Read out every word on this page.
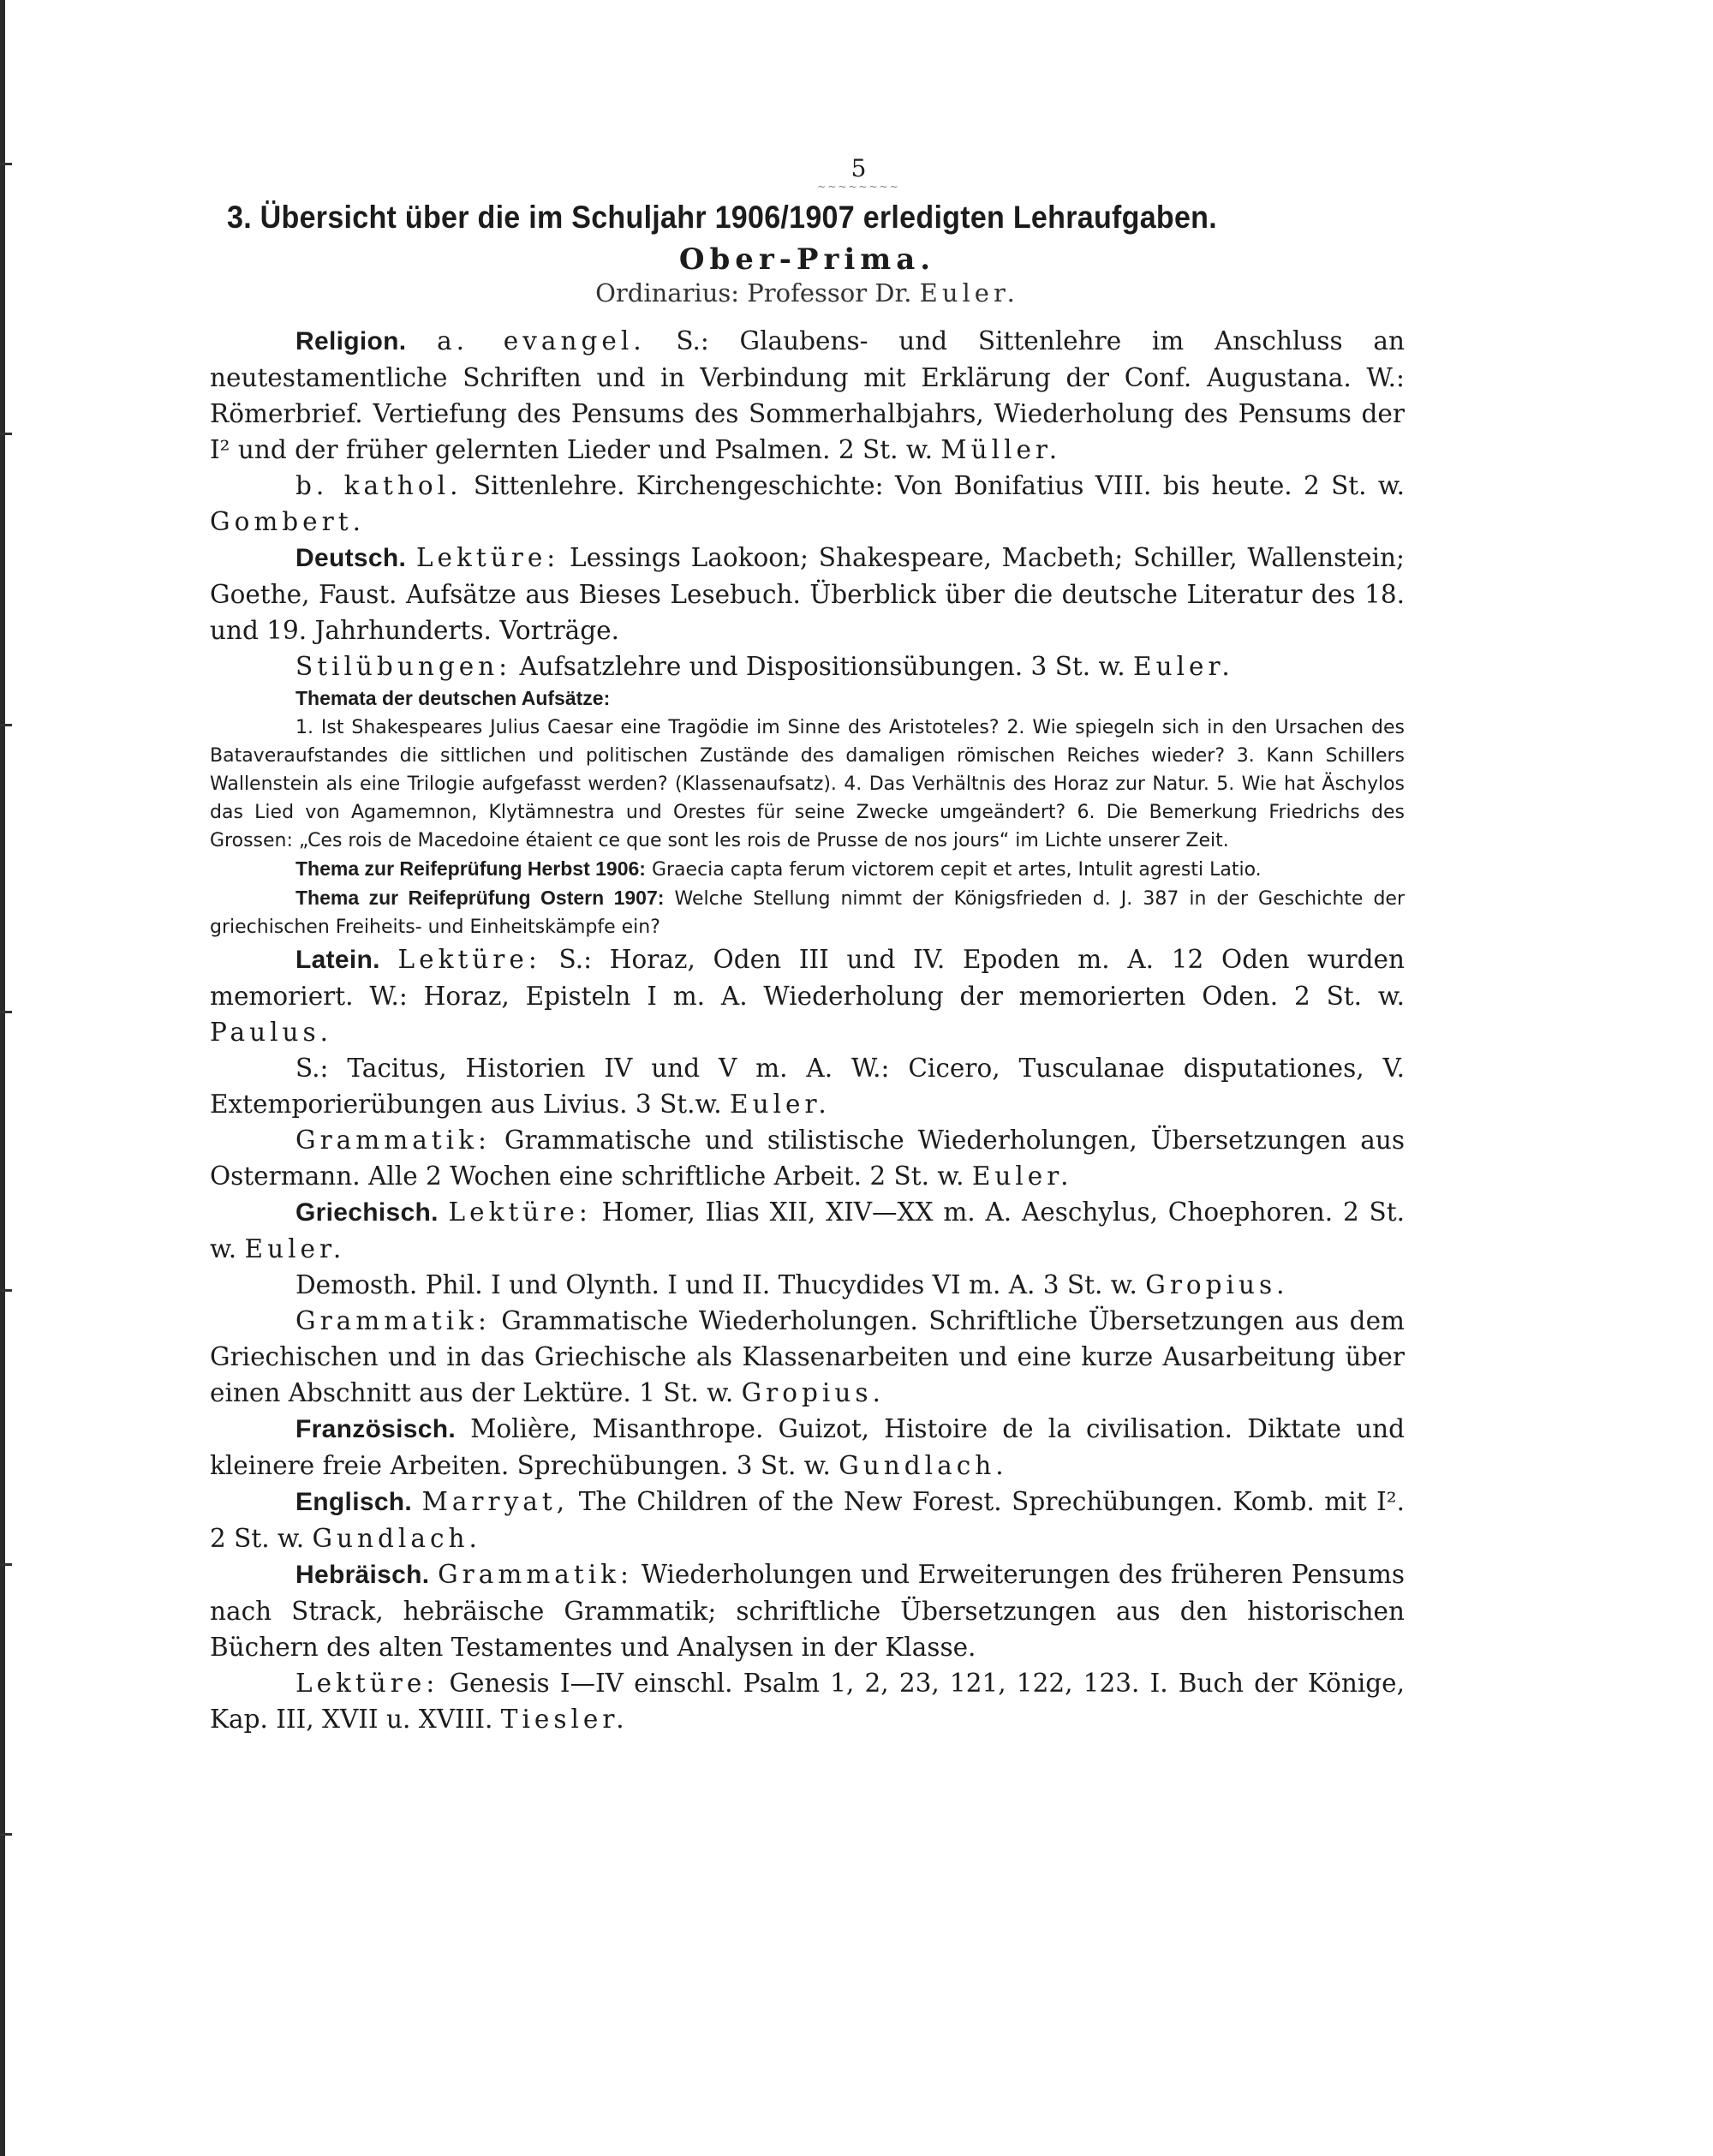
5
~~~~~~~~
3. Übersicht über die im Schuljahr 1906/1907 erledigten Lehraufgaben.
Ober-Prima.
Ordinarius: Professor Dr. Euler.

Religion. a. evangel. S.: Glaubens- und Sittenlehre im Anschluss an neutestamentliche Schriften und in Verbindung mit Erklärung der Conf. Augustana. W.: Römerbrief. Vertiefung des Pensums des Sommerhalbjahrs, Wiederholung des Pensums der I² und der früher gelernten Lieder und Psalmen. 2 St. w. Müller.

b. kathol. Sittenlehre. Kirchengeschichte: Von Bonifatius VIII. bis heute. 2 St. w. Gombert.

Deutsch. Lektüre: Lessings Laokoon; Shakespeare, Macbeth; Schiller, Wallenstein; Goethe, Faust. Aufsätze aus Bieses Lesebuch. Überblick über die deutsche Literatur des 18. und 19. Jahrhunderts. Vorträge.

Stilübungen: Aufsatzlehre und Dispositionsübungen. 3 St. w. Euler.

Themata der deutschen Aufsätze:

1. Ist Shakespeares Julius Caesar eine Tragödie im Sinne des Aristoteles? 2. Wie spiegeln sich in den Ursachen des Bataveraufstandes die sittlichen und politischen Zustände des damaligen römischen Reiches wieder? 3. Kann Schillers Wallenstein als eine Trilogie aufgefasst werden? (Klassenaufsatz). 4. Das Verhältnis des Horaz zur Natur. 5. Wie hat Äschylos das Lied von Agamemnon, Klytämnestra und Orestes für seine Zwecke umgeändert? 6. Die Bemerkung Friedrichs des Grossen: „Ces rois de Macedoine étaient ce que sont les rois de Prusse de nos jours“ im Lichte unserer Zeit.

Thema zur Reifeprüfung Herbst 1906: Graecia capta ferum victorem cepit et artes, Intulit agresti Latio.

Thema zur Reifeprüfung Ostern 1907: Welche Stellung nimmt der Königsfrieden d. J. 387 in der Geschichte der griechischen Freiheits- und Einheitskämpfe ein?

Latein. Lektüre: S.: Horaz, Oden III und IV. Epoden m. A. 12 Oden wurden memoriert. W.: Horaz, Episteln I m. A. Wiederholung der memorierten Oden. 2 St. w. Paulus.

S.: Tacitus, Historien IV und V m. A. W.: Cicero, Tusculanae disputationes, V. Extemporierübungen aus Livius. 3 St.w. Euler.

Grammatik: Grammatische und stilistische Wiederholungen, Übersetzungen aus Ostermann. Alle 2 Wochen eine schriftliche Arbeit. 2 St. w. Euler.

Griechisch. Lektüre: Homer, Ilias XII, XIV—XX m. A. Aeschylus, Choephoren. 2 St. w. Euler.

Demosth. Phil. I und Olynth. I und II. Thucydides VI m. A. 3 St. w. Gropius.

Grammatik: Grammatische Wiederholungen. Schriftliche Übersetzungen aus dem Griechischen und in das Griechische als Klassenarbeiten und eine kurze Ausarbeitung über einen Abschnitt aus der Lektüre. 1 St. w. Gropius.

Französisch. Molière, Misanthrope. Guizot, Histoire de la civilisation. Diktate und kleinere freie Arbeiten. Sprechübungen. 3 St. w. Gundlach.

Englisch. Marryat, The Children of the New Forest. Sprechübungen. Komb. mit I². 2 St. w. Gundlach.

Hebräisch. Grammatik: Wiederholungen und Erweiterungen des früheren Pensums nach Strack, hebräische Grammatik; schriftliche Übersetzungen aus den historischen Büchern des alten Testamentes und Analysen in der Klasse.

Lektüre: Genesis I—IV einschl. Psalm 1, 2, 23, 121, 122, 123. I. Buch der Könige, Kap. III, XVII u. XVIII. Tiesler.
